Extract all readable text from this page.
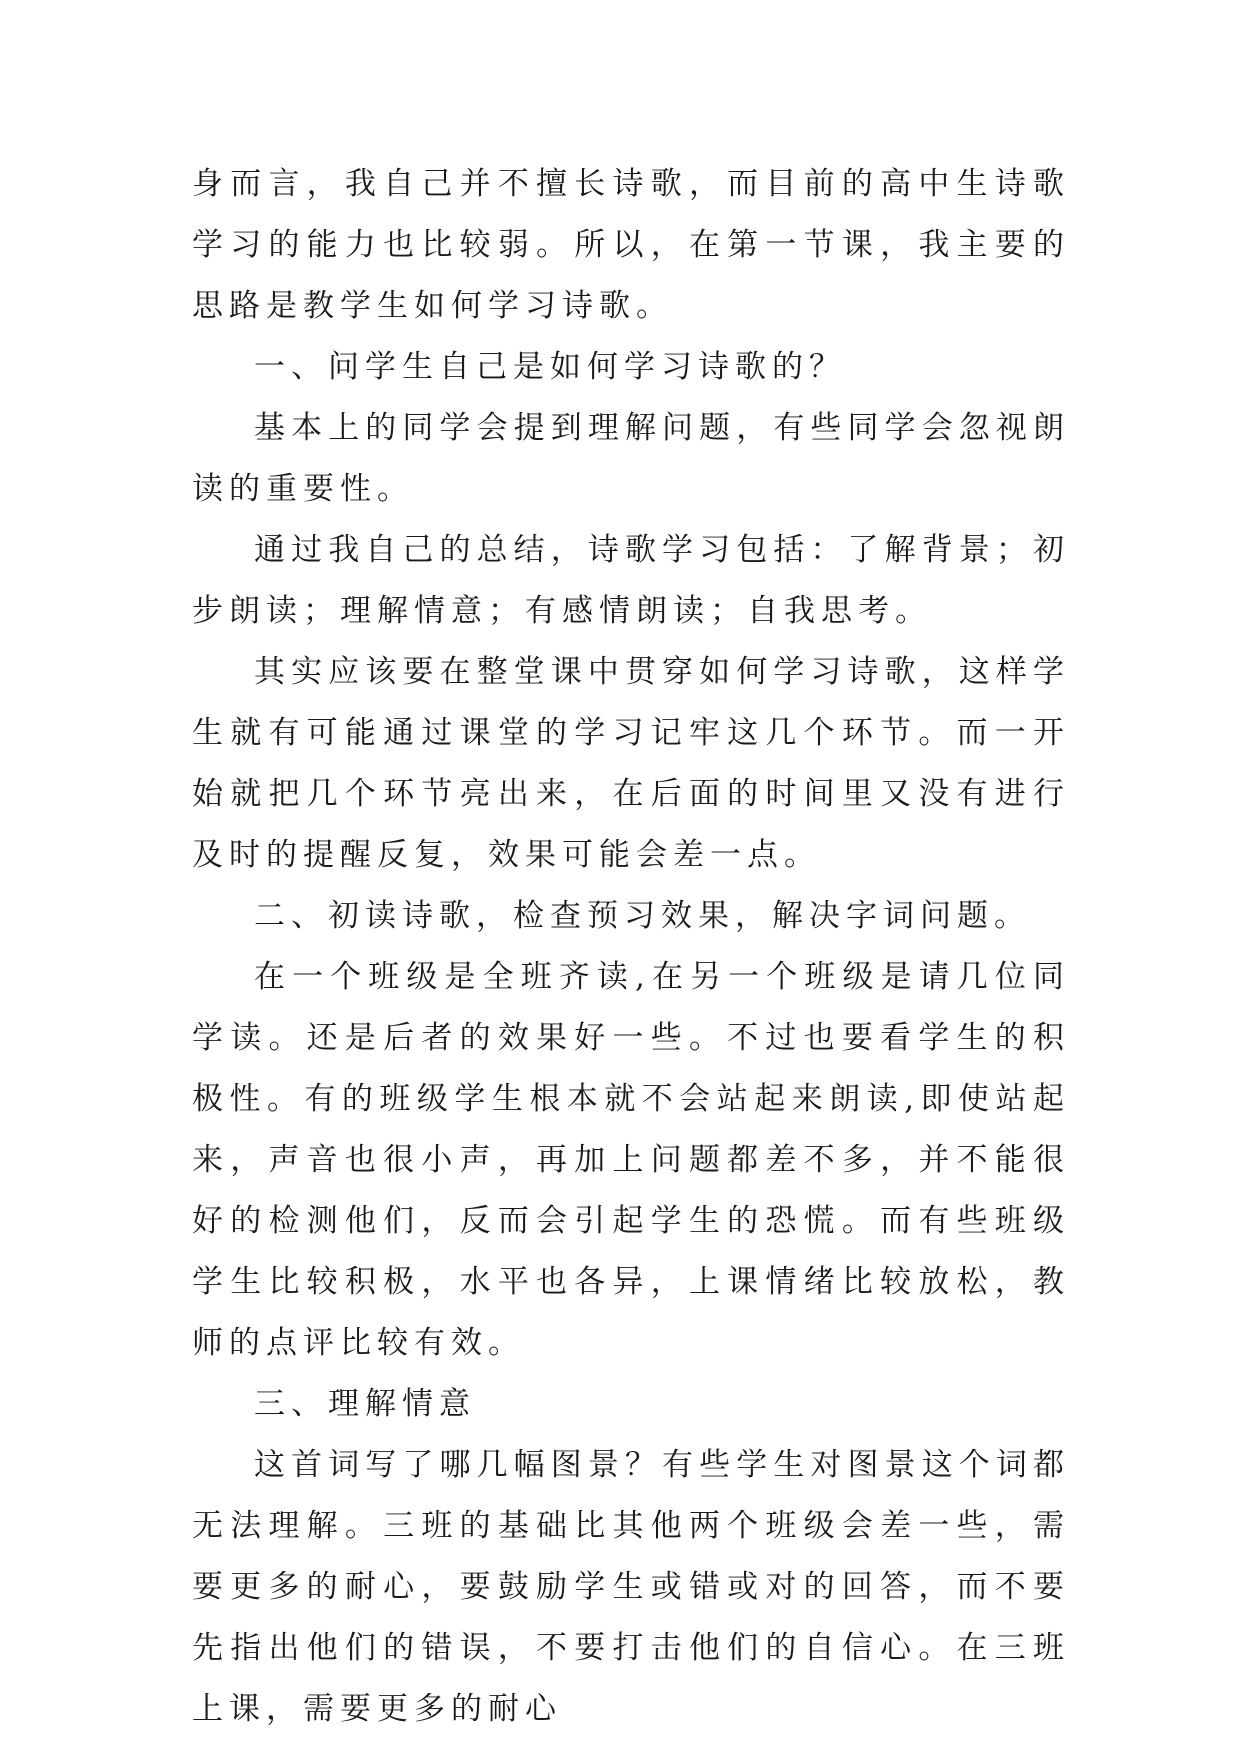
身而言，我自己并不擅长诗歌，而目前的高中生诗歌学习的能力也比较弱。所以，在第一节课，我主要的思路是教学生如何学习诗歌。

一、问学生自己是如何学习诗歌的？

基本上的同学会提到理解问题，有些同学会忽视朗读的重要性。

通过我自己的总结，诗歌学习包括：了解背景；初步朗读；理解情意；有感情朗读；自我思考。

其实应该要在整堂课中贯穿如何学习诗歌，这样学生就有可能通过课堂的学习记牢这几个环节。而一开始就把几个环节亮出来，在后面的时间里又没有进行及时的提醒反复，效果可能会差一点。

二、初读诗歌，检查预习效果，解决字词问题。

在一个班级是全班齐读,在另一个班级是请几位同学读。还是后者的效果好一些。不过也要看学生的积极性。有的班级学生根本就不会站起来朗读,即使站起来，声音也很小声，再加上问题都差不多，并不能很好的检测他们，反而会引起学生的恐慌。而有些班级学生比较积极，水平也各异，上课情绪比较放松，教师的点评比较有效。

三、理解情意

这首词写了哪几幅图景？有些学生对图景这个词都无法理解。三班的基础比其他两个班级会差一些，需要更多的耐心，要鼓励学生或错或对的回答，而不要先指出他们的错误，不要打击他们的自信心。在三班上课，需要更多的耐心
